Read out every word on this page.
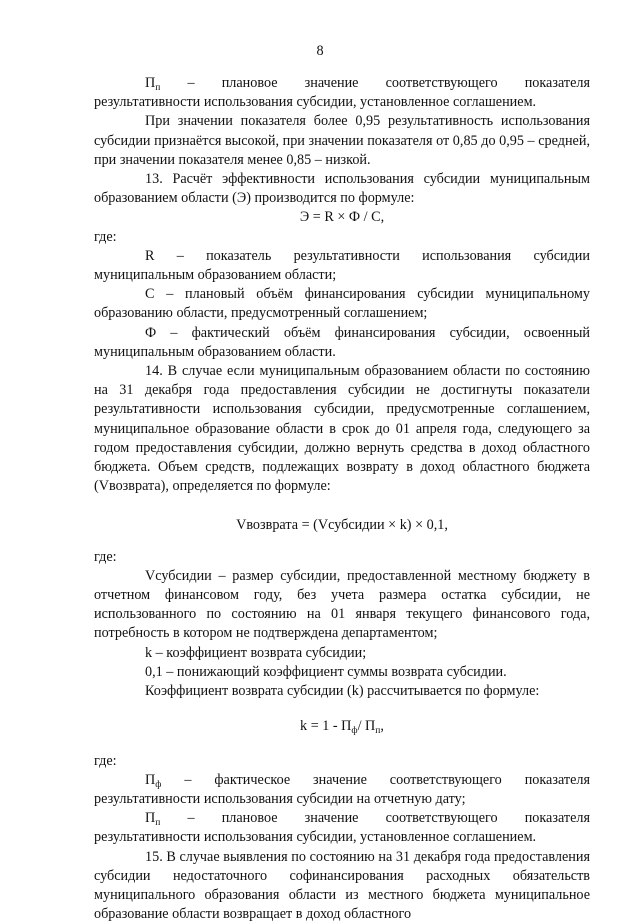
8

$П_п$ – плановое значение соответствующего показателя

результативности использования субсидии, установленное соглашением.

При значении показателя более 0,95 результативность использования субсидии признаётся высокой, при значении показателя от 0,85 до 0,95 – средней, при значении показателя менее 0,85 – низкой.

13. Расчёт эффективности использования субсидии муниципальным образованием области (Э) производится по формуле:

Э = R × Ф / С,

где:

R – показатель результативности использования субсидии муниципальным образованием области;

С – плановый объём финансирования субсидии муниципальному образованию области, предусмотренный соглашением;

Ф – фактический объём финансирования субсидии, освоенный муниципальным образованием области.

14. В случае если муниципальным образованием области по состоянию на 31 декабря года предоставления субсидии не достигнуты показатели результативности использования субсидии, предусмотренные соглашением, муниципальное образование области в срок до 01 апреля года, следующего за годом предоставления субсидии, должно вернуть средства в доход областного бюджета. Объем средств, подлежащих возврату в доход областного бюджета (Vвозврата), определяется по формуле:

Vвозврата = (Vсубсидии × k) × 0,1,

где:

Vсубсидии – размер субсидии, предоставленной местному бюджету в отчетном финансовом году, без учета размера остатка субсидии, не использованного по состоянию на 01 января текущего финансового года, потребность в котором не подтверждена департаментом;

k – коэффициент возврата субсидии;

0,1 – понижающий коэффициент суммы возврата субсидии.

Коэффициент возврата субсидии (k) рассчитывается по формуле:

$k = 1 - П_ф/$ $П_п$,

где:

$П_ф$ – фактическое значение соответствующего показателя

результативности использования субсидии на отчетную дату;

$П_п$ – плановое значение соответствующего показателя

результативности использования субсидии, установленное соглашением.

15. В случае выявления по состоянию на 31 декабря года предоставления субсидии недостаточного софинансирования расходных обязательств муниципального образования области из местного бюджета муниципальное образование области возвращает в доход областного
